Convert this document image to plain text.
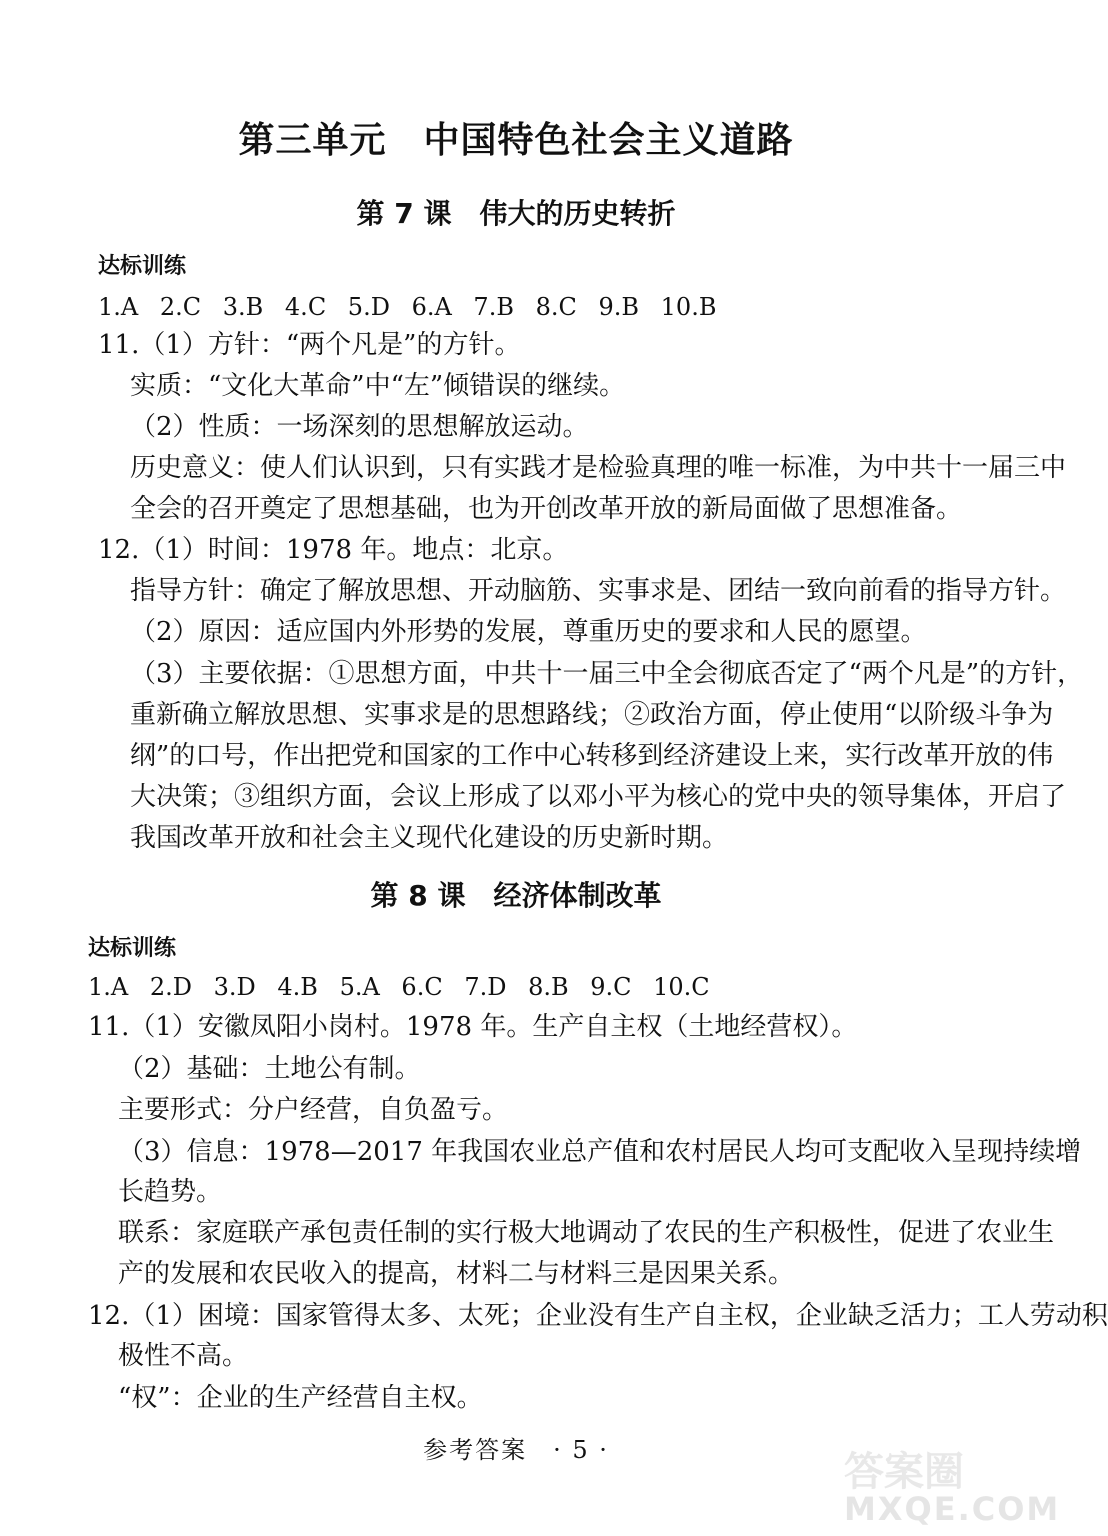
第三单元　中国特色社会主义道路
第 7 课　伟大的历史转折
达标训练
1.A 2.C 3.B 4.C 5.D 6.A 7.B 8.C 9.B 10.B
11.（1）方针：“两个凡是”的方针。
实质：“文化大革命”中“左”倾错误的继续。
（2）性质：一场深刻的思想解放运动。
历史意义：使人们认识到，只有实践才是检验真理的唯一标准，为中共十一届三中
全会的召开奠定了思想基础，也为开创改革开放的新局面做了思想准备。
12.（1）时间：1978 年。地点：北京。
指导方针：确定了解放思想、开动脑筋、实事求是、团结一致向前看的指导方针。
（2）原因：适应国内外形势的发展，尊重历史的要求和人民的愿望。
（3）主要依据：①思想方面，中共十一届三中全会彻底否定了“两个凡是”的方针，
重新确立解放思想、实事求是的思想路线；②政治方面，停止使用“以阶级斗争为
纲”的口号，作出把党和国家的工作中心转移到经济建设上来，实行改革开放的伟
大决策；③组织方面，会议上形成了以邓小平为核心的党中央的领导集体，开启了
我国改革开放和社会主义现代化建设的历史新时期。
第 8 课　经济体制改革
达标训练
1.A 2.D 3.D 4.B 5.A 6.C 7.D 8.B 9.C 10.C
11.（1）安徽凤阳小岗村。1978 年。生产自主权（土地经营权）。
（2）基础：土地公有制。
主要形式：分户经营，自负盈亏。
（3）信息：1978—2017 年我国农业总产值和农村居民人均可支配收入呈现持续增
长趋势。
联系：家庭联产承包责任制的实行极大地调动了农民的生产积极性，促进了农业生
产的发展和农民收入的提高，材料二与材料三是因果关系。
12.（1）困境：国家管得太多、太死；企业没有生产自主权，企业缺乏活力；工人劳动积
极性不高。
“权”：企业的生产经营自主权。
参考答案　· 5 ·	答案圈
MXQE.COM
